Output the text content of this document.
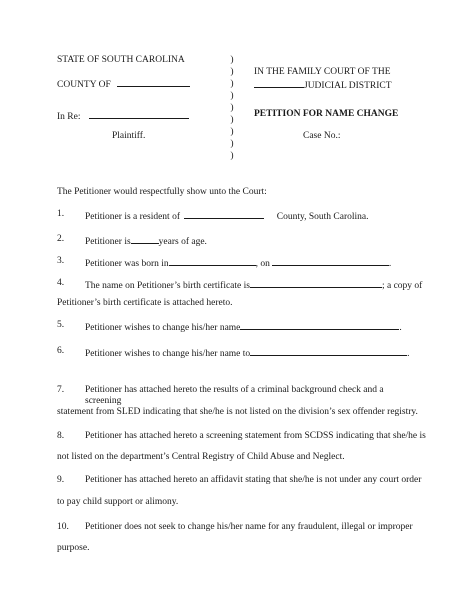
STATE OF SOUTH CAROLINA
COUNTY OF
In Re:
Plaintiff.
)
)
)
)
)
)
)
)
)
IN THE FAMILY COURT OF THE
JUDICIAL DISTRICT
PETITION FOR NAME CHANGE
Case No.:
The Petitioner would respectfully show unto the Court:
1. Petitioner is a resident of	County, South Carolina.
2. Petitioner is	years of age.
3. Petitioner was born in	, on	.
4. The name on Petitioner’s birth certificate is	; a copy of
Petitioner’s birth certificate is attached hereto.
5. Petitioner wishes to change his/her name	.
6. Petitioner wishes to change his/her name to	.
7. Petitioner has attached hereto the results of a criminal background check and a
screening
statement from SLED indicating that she/he is not listed on the division’s sex offender registry.
8. Petitioner has attached hereto a screening statement from SCDSS indicating that she/he is
not listed on the department’s Central Registry of Child Abuse and Neglect.
9. Petitioner has attached hereto an affidavit stating that she/he is not under any court order
to pay child support or alimony.
10. Petitioner does not seek to change his/her name for any fraudulent, illegal or improper
purpose.
